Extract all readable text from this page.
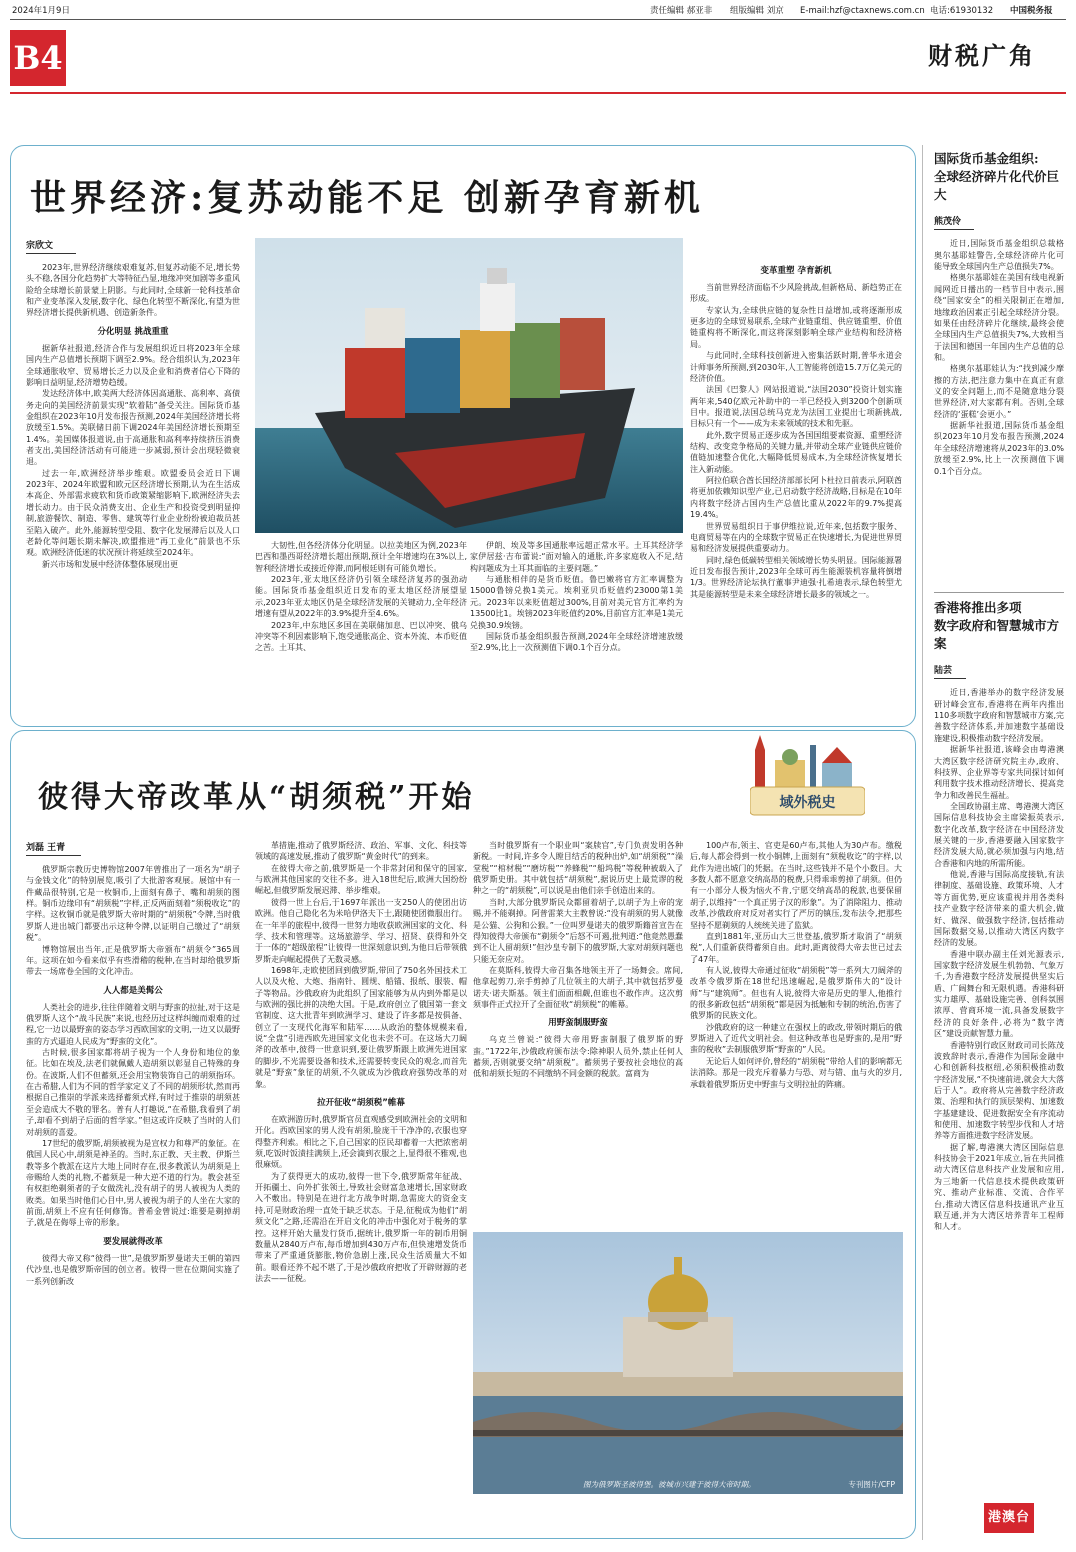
2024年1月9日	责任编辑 郝亚非 组版编辑 刘京 E-mail:hzf@ctaxnews.com.cn 电话:61930132 中国税务报
B4	财税广角
世界经济:复苏动能不足 创新孕育新机
宗欣文
2023年,世界经济继续艰难复苏,但复苏动能不足,增长势头不稳,各国分化趋势扩大等特征凸显,地缘冲突加剧等多重风险给全球增长前景蒙上阴影。与此同时,全球新一轮科技革命和产业变革深入发展,数字化、绿色化转型不断深化,有望为世界经济增长提供新机遇、创造新条件。
分化明显 挑战重重
据新华社报道,经济合作与发展组织近日将2023年全球国内生产总值增长预期下调至2.9%。经合组织认为,2023年全球通胀收窄、贸易增长乏力以及企业和消费者信心下降的影响日益明显,经济增势趋缓。
发达经济体中,欧美两大经济体因高通胀、高利率、高债务走向的美国经济前景实现“软着陆”备受关注。国际货币基金组织在2023年10月发布报告预测,2024年美国经济增长将放缓至1.5%。美联储日前下调2024年美国经济增长预期至1.4%。美国媒体报道说,由于高通胀和高利率持续挤压消费者支出,美国经济活动有可能进一步减弱,预计会出现轻微衰退。
过去一年,欧洲经济举步维艰。欧盟委员会近日下调2023年、2024年欧盟和欧元区经济增长预期,认为在生活成本高企、外部需求疲软和货币政策紧缩影响下,欧洲经济失去增长动力。由于民众消费支出、企业生产和投资受到明显抑制,旅游餐饮、制造、零售、建筑等行业企业纷纷被迫裁员甚至陷入破产。此外,能源转型受阻、数字化发展滞后以及人口老龄化等问题长期未解决,欧盟推进“再工业化”前景也不乐观。欧洲经济低迷的状况预计将延续至2024年。
新兴市场和发展中经济体整体展现出更
大韧性,但各经济体分化明显。以拉美地区为例,2023年巴西和墨西哥经济增长超出预期,预计全年增速均在3%以上,智利经济增长或接近停滞,而阿根廷则有可能负增长。
2023年,亚太地区经济仍引领全球经济复苏的强劲动能。国际货币基金组织近日发布的亚太地区经济展望显示,2023年亚太地区仍是全球经济发展的关键动力,全年经济增速有望从2022年的3.9%提升至4.6%。
2023年,中东地区多国在美联储加息、巴以冲突、俄乌冲突等不利因素影响下,饱受通胀高企、资本外流、本币贬值之苦。土耳其、
伊朗、埃及等多国通胀率远超正常水平。土耳其经济学家伊居兹·吉布蕾说:“面对输入的通胀,许多家庭收入不足,结构问题成为土耳其面临的主要问题。”
与通胀相伴的是货币贬值。鲁巴嫩将官方汇率调整为15000鲁镑兑换1美元。埃利亚贝币贬值约23000第1美元。2023年以来贬值超过300%,目前对美元官方汇率约为13500比1。埃镑2023年贬值约20%,目前官方汇率是1美元兑换30.9埃镑。
国际货币基金组织报告预测,2024年全球经济增速放缓至2.9%,比上一次预测值下调0.1个百分点。
变革重塑 孕育新机
当前世界经济面临不少风险挑战,但新格局、新趋势正在形成。
专家认为,全球供应链的复杂性日益增加,或将逐渐形成更多边的全球贸易联系,全球产业链重组、供应链重塑、价值链重构将不断深化,而这将深刻影响全球产业结构和经济格局。
与此同时,全球科技创新进入密集活跃时期,普华永道会计师事务所预测,到2030年,人工智能将创造15.7万亿美元的经济价值。
法国《巴黎人》网站报道说,“法国2030”投资计划实施两年来,540亿欧元补助中的一半已经投入到3200个创新项目中。报道说,法国总统马克龙为法国工业提出七项新挑战,目标只有一个——成为未来领域的技术和先驱。
此外,数字贸易正逐步成为各国国组要素资源、重塑经济结构、改变竞争格局的关键力量,并带动全球产业链供应链价值链加速整合优化,大幅降低贸易成本,为全球经济恢复增长注入新动能。
阿拉伯联合酋长国经济部部长阿卜杜拉日前表示,阿联酋将更加依赖知识型产业,已启动数字经济战略,目标是在10年内将数字经济占国内生产总值比重从2022年的9.7%提高19.4%。
世界贸易组织日于事伊维拉说,近年来,包括数字服务、电商贸易等在内的全球数字贸易正在快速增长,为促进世界贸易和经济发展提供重要动力。
同时,绿色低碳转型相关领域增长势头明显。国际能源署近日发布报告预计,2023年全球可再生能源装机容量将倒增1/3。世界经济论坛执行董事尹迪强·扎希迪表示,绿色转型尤其是能源转型是未来全球经济增长最多的领域之一。
彼得大帝改革从“胡须税”开始	域外税史
刘磊 王青
俄罗斯宗教历史博物馆2007年曾推出了一项名为“胡子与金钱文化”的特别展览,吸引了大批游客观展。展馆中有一件藏品很特别,它是一枚铜币,上面刻有鼻子、嘴和胡须的图样。铜币边缘印有“胡须税”字样,正反两面刻着“须税收讫”的字样。这枚铜币就是俄罗斯大帝时期的“胡须税”令牌,当时俄罗斯人进出城门都要出示这种令牌,以证明自己缴过了“胡须税”。
博物馆展出当年,正是俄罗斯大帝颁布“胡须令”365周年。这项在如今看来似乎有些滑稽的税种,在当时却给俄罗斯带去一场席卷全国的文化冲击。
人人都是美髯公
人类社会的进步,往往伴随着文明与野蛮的拉扯,对于这是俄罗斯人这个“战斗民族”来说,也经历过这样纠缠而艰难的过程,它一边以最野蛮的姿态学习西欧国家的文明,一边又以最野蛮的方式逼迫人民成为“野蛮的文化”。
古时候,很多国家都将胡子视为一个人身份和地位的象征。比如在埃及,法老们就佩戴人造胡须以彰显自己特殊的身份。在波斯,人们不但蓄须,还会用宝物装饰自己的胡须指环。在古希腊,人们为不同的哲学家定义了不同的胡须形状,然而再根据自己推崇的学派来选择蓄须式样,有时过于推崇的胡须甚至会造成大不敬的罪名。普有人打趣说,“在希腊,我看到了胡子,却看不到胡子后面的哲学家。”但这或许反映了当时的人们对胡须的喜爱。
17世纪的俄罗斯,胡须被视为是宣权力和尊严的象征。在俄国人民心中,胡须是神圣的。当时,东正教、天主教、伊斯兰教等多个教派在这片大地上同时存在,很多教派认为胡须是上帝赐给人类的礼物,不蓄须是一种大逆不道的行为。教会甚至有权拒绝剃须者的子女做洗礼,没有胡子的男人被视为人类的败类。如果当时他们心目中,男人被视为胡子的人坐在大家的前面,胡须上不应有任何修饰。普希金曾说过:谁要是剃掉胡子,就是在侮辱上帝的形象。
要发展就得改革
彼得大帝又称“彼得一世”,是俄罗斯罗曼诺夫王朝的第四代沙皇,也是俄罗斯帝国的创立者。彼得一世在位期间实施了一系列创新改
革措施,推动了俄罗斯经济、政治、军事、文化、科技等领域的高速发展,推动了俄罗斯“黄金时代”的到来。
在彼得大帝之前,俄罗斯是一个非常封闭和保守的国家,与欧洲其他国家的交往不多。进入18世纪后,欧洲大国纷纷崛起,但俄罗斯发展迟滞、举步维艰。
彼得一世上台后,于1697年派出一支250人的使团出访欧洲。他自己隐化名为米哈伊洛夫下士,跟随使团微服出行。在一年半的旅程中,彼得一世努力地收获欧洲国家的文化、科学、技术和管理等。这场旅游学、学习、招贤、获得和外交于一体的“超级旅程”让彼得一世深刻意识到,为他日后带领俄罗斯走向崛起提供了无数灵感。
1698年,走欧使团回到俄罗斯,带回了750名外国技术工人以及火枪、大炮、指南针、圆规、船锚、报纸、服装、帽子等物品。沙俄政府为此组织了国家能够为从内到外都是以与欧洲的强比拼的决绝大国。于是,政府创立了俄国第一套文官制度、这大批青年到欧洲学习、建设了许多都是按俱备、创立了一支现代化海军和陆军……从政治的整体规模来看,说“全盘”引进西欧先进国家文化也未尝不可。在这场大刀阔斧的改革中,彼得一世意识到,要让俄罗斯跟上欧洲先进国家的脚步,不光需要设备和技术,还需要转变民众的观念,而首先就是“野蛮”象征的胡须,不久就成为沙俄政府强势改革的对象。
拉开征收“胡须税”帷幕
在欧洲游历时,俄罗斯官员直观感受到欧洲社会的文明和开化。西欧国家的男人没有胡须,脸庞干干净净的,衣服也穿得整齐利索。相比之下,自己国家的臣民却蓄着一大把浓密胡须,吃饭时饭渍挂满须上,还会滴到衣服之上,显得很不雅观,也很麻烦。
为了获得更大的成功,彼得一世下令,俄罗斯常年征战、开拓疆土、向外扩张领土,导致社会财富急速增长,国家财政入不敷出。特别是在进行北方战争时期,急需庞大的资金支持,可是财政治理一直处于缺乏状态。于是,征税成为他们“胡须文化”之路,还需沿在开启文化的冲击中强化对于税务的掌控。这样开始大量发行货币,据统计,俄罗斯一年的制币用铜数量从2840万卢布,每币增加到430万卢布,但快速增发货币带来了严重通货膨胀,物价急剧上涨,民众生活质量大不如前。眼看还养不起不堪了,于是沙俄政府把收了开辟财源的老法去——征税。
当时俄罗斯有一个职业叫“案牍官”,专门负责发明各种新税。一时间,许多令人瞠目结舌的税种出炉,如“胡须税”“澡堂税”“棺材税”“磨坊税”“养蜂税”“船坞税”等税种被载入了俄罗斯史册。其中就包括“胡须税”,据说历史上最荒谬的税种之一的“胡须税”,可以说是由他们亲手创造出来的。
当时,大部分俄罗斯民众都留着胡子,以胡子为上帝的宠赐,并不能剃掉。阿普雷莱大主教曾说:“没有胡须的男人就像是公猫、公狗和公猴。”一位叫罗曼诺夫的俄罗斯籍首宣告在得知彼得大帝颁布“剃须令”后怒不可遏,批判道:“他竟然愚蠢到不让人留胡须!”但沙皇专制下的俄罗斯,大家对胡须问题也只能无奈应对。
在莫斯科,彼得大帝召集各地领主开了一场舞会。席间,他拿起剪刀,亲手剪掉了几位领主的大胡子,其中就包括罗曼诺夫·诺夫斯基。领主们面面相觑,但谁也不敢作声。这次剪须事件正式拉开了全面征收“胡须税”的帷幕。
用野蛮制服野蛮
乌克兰曾说:“彼得大帝用野蛮制服了俄罗斯的野蛮。”1722年,沙俄政府颁布法令:除神职人员外,禁止任何人蓄须,否则就要交纳“胡须税”。蓄须男子要按社会地位的高低和胡须长短的不同缴纳不同金额的税款。富商为
100卢布,领主、官吏是60卢布,其他人为30卢布。缴税后,每人都会得到一枚小铜牌,上面刻有“须税收讫”的字样,以此作为进出城门的凭据。在当时,这些钱并不是个小数目。大多数人都不愿意交纳高昂的税费,只得乖乖剪掉了胡须。但仍有一小部分人极为恼火不肯,宁愿交纳高昂的税款,也要保留胡子,以维持“一个真正男子汉的形象”。为了消除阻力、推动改革,沙俄政府对反对者实行了严厉的镇压,发布法令,把那些坚持不愿剃须的人统统关进了监狱。
直到1881年,亚历山大三世登基,俄罗斯才取消了“胡须税”,人们重新获得蓄须自由。此时,距离彼得大帝去世已过去了47年。
有人说,彼得大帝通过征收“胡须税”等一系列大刀阔斧的改革令俄罗斯在18世纪迅速崛起,是俄罗斯伟大的“设计师”与“建筑师”。但也有人说,彼得大帝是历史的罪人,他推行的很多新政包括“胡须税”都是因为抵触和专制的统治,伤害了俄罗斯的民族文化。
沙俄政府的这一种建立在强权上的政改,带领时期后的俄罗斯进入了近代文明社会。但这种改革也是野蛮的,是用“野蛮的税收”去制服俄罗斯“野蛮的”人民。
无论后人如何评价,曾经的“胡须税”带给人们的影响都无法消除。那是一段充斥着暴力与恐、对与错、血与火的岁月,承载着俄罗斯历史中野蛮与文明拉扯的阵痛。
图为俄罗斯圣彼得堡。彼城市兴建于彼得大帝时期。	专刊图片/CFP
国际货币基金组织:
全球经济碎片化代价巨大
熊茂伶
近日,国际货币基金组织总裁格奥尔基耶娃警告,全球经济碎片化可能导致全球国内生产总值损失7%。
格奥尔基耶娃在美国有线电视新闻网近日播出的一档节目中表示,围绕“国家安全”的相关限制正在增加,地缘政治因素正引起全球经济分裂。如果任由经济碎片化继续,最终会使全球国内生产总值损失7%,大致相当于法国和德国一年国内生产总值的总和。
格奥尔基耶娃认为:“找到减少摩擦的方法,把注意力集中在真正有意义的安全问题上,而不是随意地分裂世界经济,对大家都有利。否则,全球经济的‘蛋糕’会更小。”
据新华社报道,国际货币基金组织2023年10月发布报告预测,2024年全球经济增速将从2023年的3.0%放缓至2.9%,比上一次预测值下调0.1个百分点。
香港将推出多项
数字政府和智慧城市方案
陆芸
近日,香港举办的数字经济发展研讨峰会宣布,香港将在两年内推出110多项数字政府和智慧城市方案,完善数字经济体系,并加速数字基础设施建设,积极推动数字经济发展。
据新华社报道,该峰会由粤港澳大湾区数字经济研究院主办,政府、科技界、企业界等专家共同探讨如何利用数字技术推动经济增长、提高竞争力和改善民生福祉。
全国政协副主席、粤港澳大湾区国际信息科技协会主席梁振英表示,数字化改革,数字经济在中国经济发展关键的一步,香港要融入国家数字经济发展大局,就必须加强与内地,结合香港和内地的所需所能。
他说,香港与国际高度接轨,有法律制度、基础设施、政策环境、人才等方面优势,更应该重视并用各类科技产业数字经济带来的重大机会,做好、做深、做强数字经济,包括推动国际数据交易,以推动大湾区内数字经济的发展。
香港中联办副主任刘光源表示,国家数字经济发展生机勃勃、气象万千,为香港数字经济发展提供坚实后盾、广阔舞台和无限机遇。香港科研实力雄厚、基础设施完善、创科氛围浓厚、营商环境一流,具备发展数字经济的良好条件,必将为“数字湾区”建设贡献智慧力量。
香港特别行政区财政司司长陈茂波致辞时表示,香港作为国际金融中心和创新科技枢纽,必须积极推动数字经济发展,“不快速前进,就会大大落后于人”。政府将从完善数字经济政策、治理和执行的顶层架构、加速数字基建建设、促进数据安全有序流动和使用、加速数字转型步伐和人才培养等方面推进数字经济发展。
据了解,粤港澳大湾区国际信息科技协会于2021年成立,旨在共同推动大湾区信息科技产业发展和应用,为三地新一代信息技术提供政策研究、推动产业标准、交流、合作平台,推动大湾区信息科技通讯产业互联互通,并为大湾区培养青年工程师和人才。
港澳台
